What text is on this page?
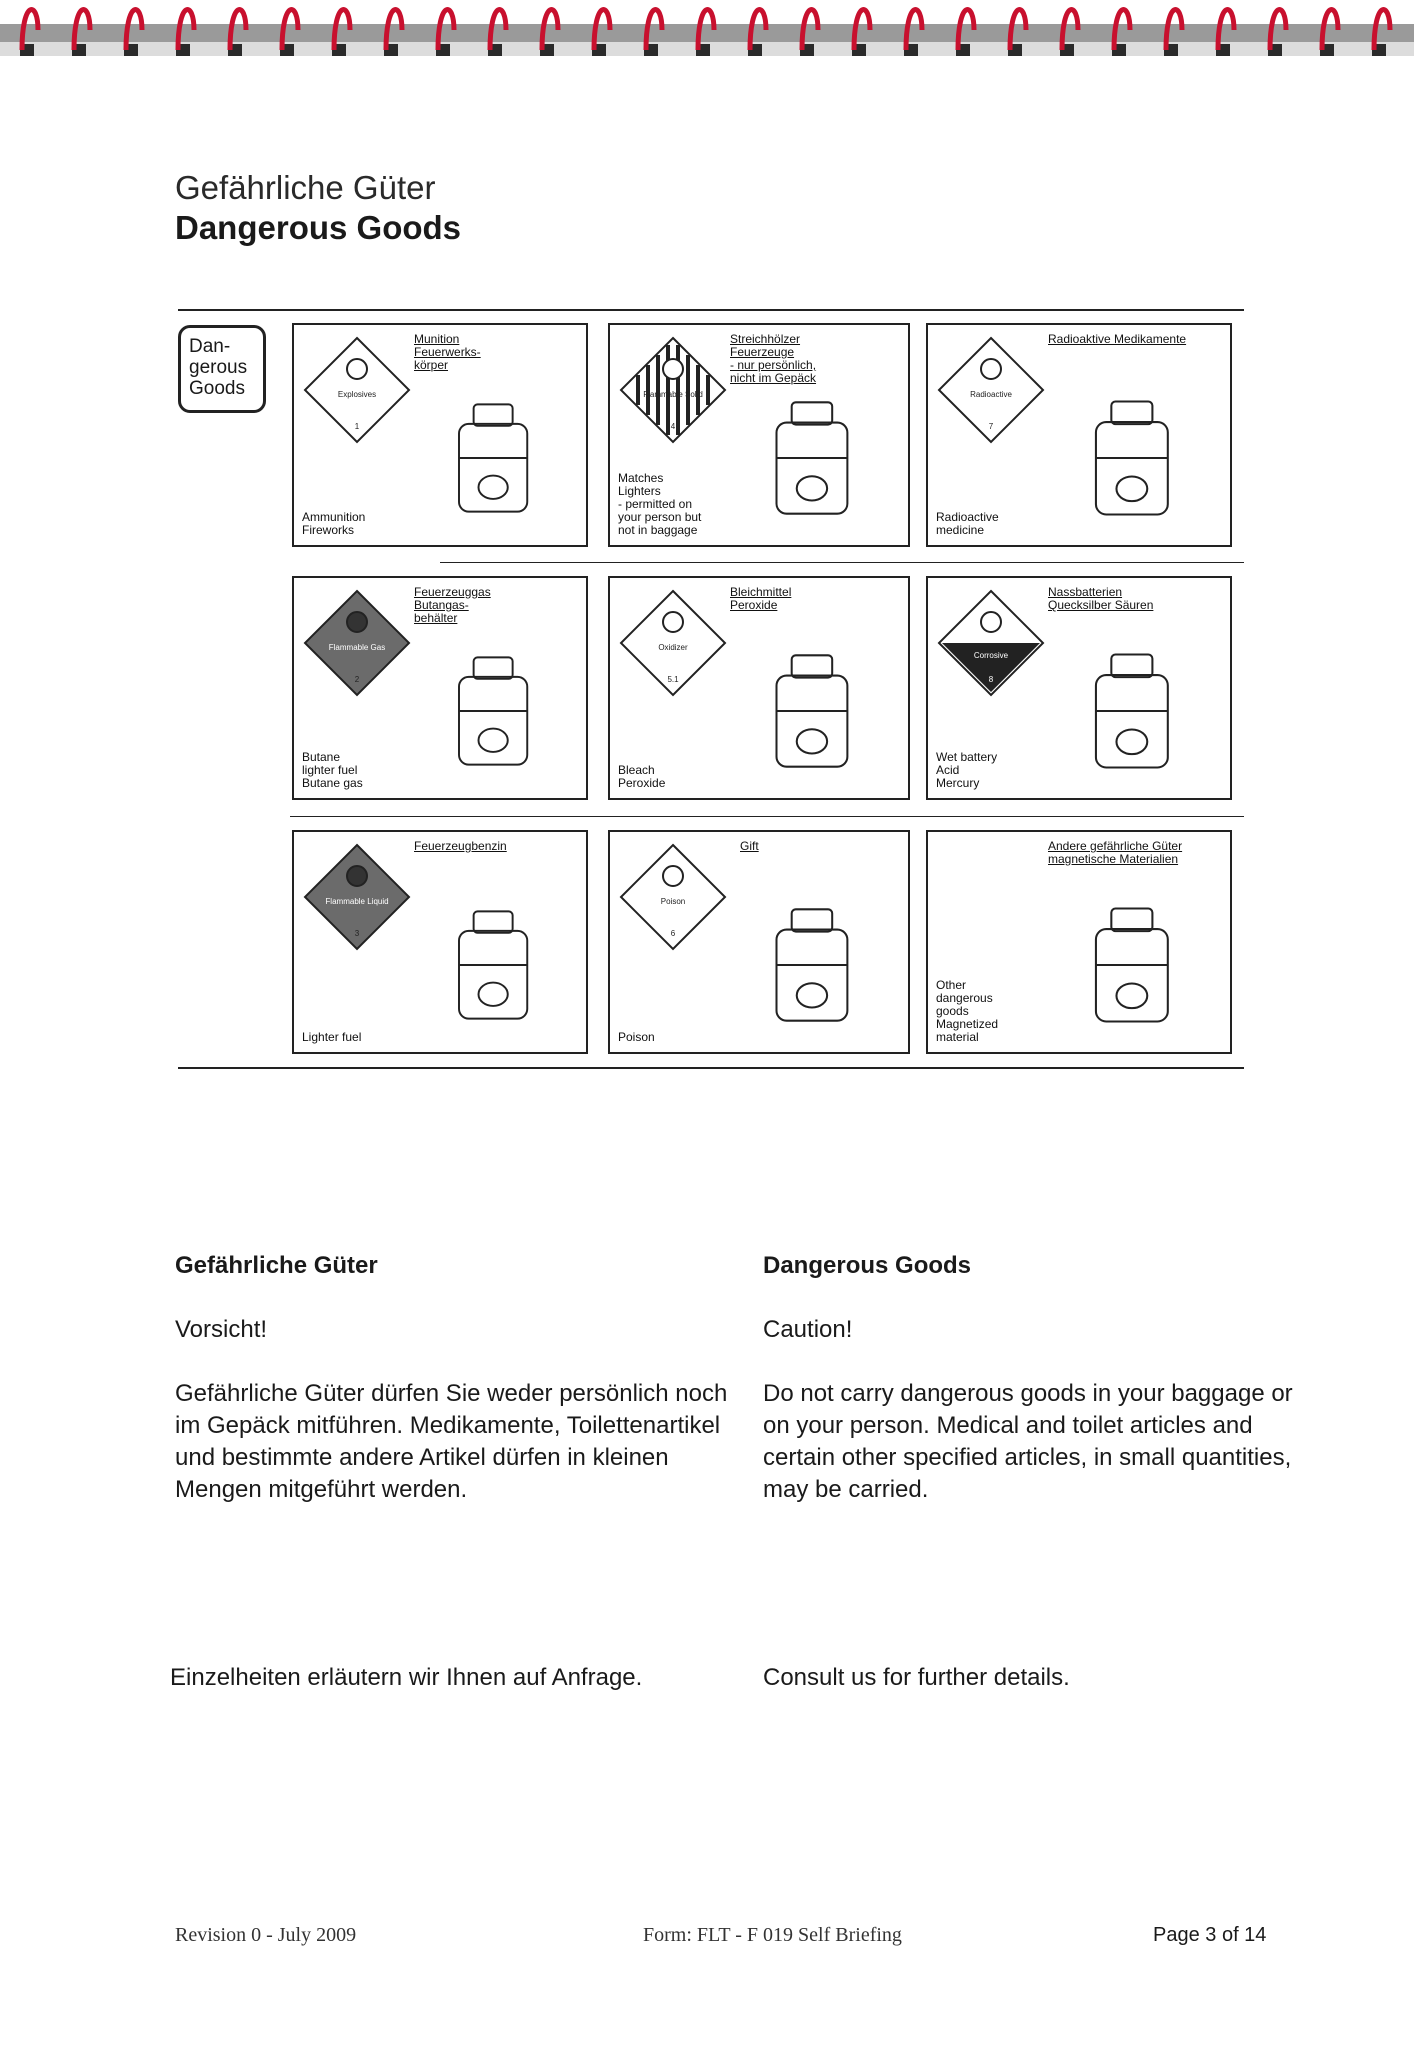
Gefährliche Güter
Dangerous Goods
Dan-
gerous
Goods	Explosives
1
Munition
Feuerwerks-
körper
Ammunition
Fireworks
Flammable Solid
4
Streichhölzer
Feuerzeuge
- nur persönlich,
nicht im Gepäck
Matches
Lighters
- permitted on
your person but
not in baggage
Radioactive
7
Radioaktive Medikamente
Radioactive
medicine
Flammable Gas
2
Feuerzeuggas
Butangas-
behälter
Butane
lighter fuel
Butane gas
Oxidizer
5.1
Bleichmittel
Peroxide
Bleach
Peroxide
Corrosive
8
Nassbatterien
Quecksilber Säuren
Wet battery
Acid
Mercury
Flammable Liquid
3
Feuerzeugbenzin
Lighter fuel
Poison
6
Gift
Poison
Andere gefährliche Güter
magnetische Materialien
Other
dangerous
goods
Magnetized
material
Gefährliche Güter
Vorsicht!
Gefährliche Güter dürfen Sie weder persönlich noch im Gepäck mitführen. Medikamente, Toilettenartikel und bestimmte andere Artikel dürfen in kleinen Mengen mitgeführt werden.
Dangerous Goods
Caution!
Do not carry dangerous goods in your baggage or on your person. Medical and toilet articles and certain other specified articles, in small quantities, may be carried.
Einzelheiten erläutern wir Ihnen auf Anfrage.	Consult us for further details.
Revision 0 - July 2009	Form: FLT - F 019 Self Briefing	Page 3 of 14
